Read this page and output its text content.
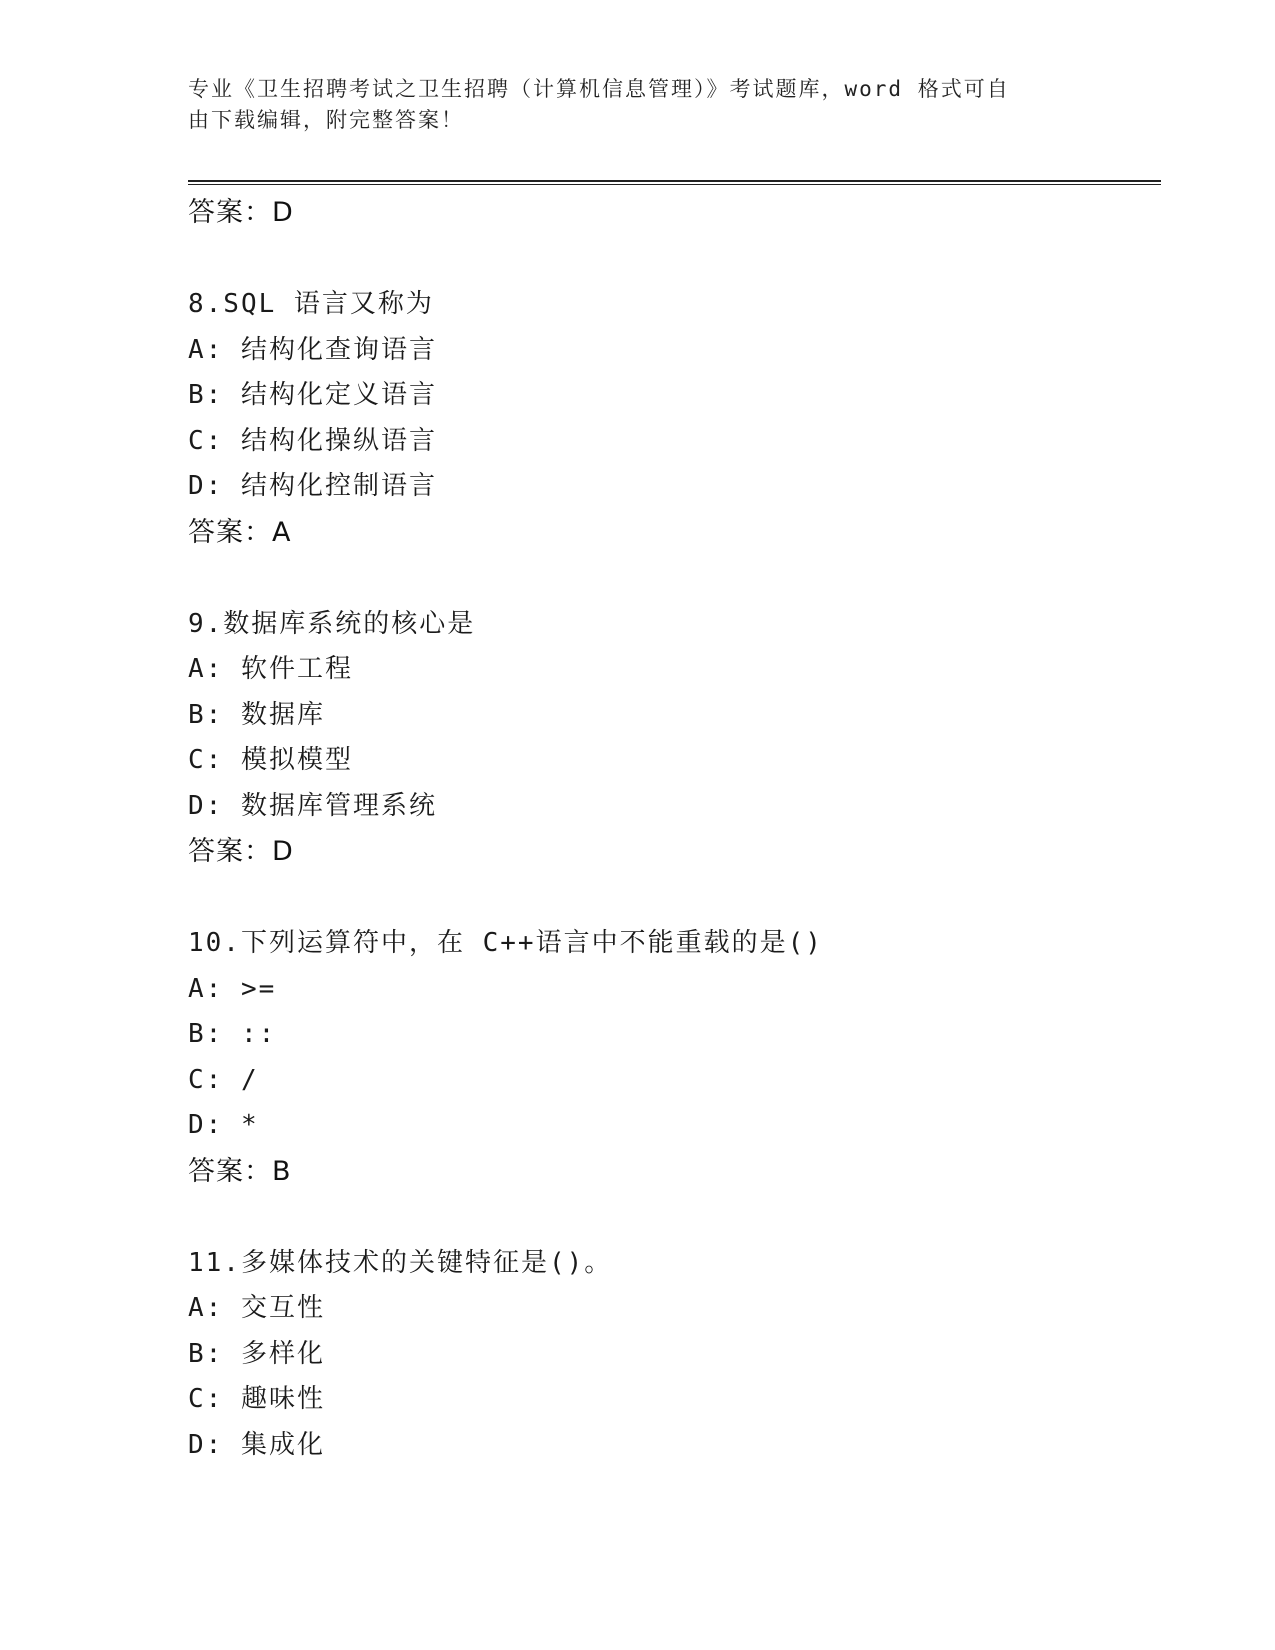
专业《卫生招聘考试之卫生招聘（计算机信息管理）》考试题库，word 格式可自
由下载编辑，附完整答案！
答案：D
8.SQL 语言又称为
A: 结构化查询语言
B: 结构化定义语言
C: 结构化操纵语言
D: 结构化控制语言
答案：A
9.数据库系统的核心是
A: 软件工程
B: 数据库
C: 模拟模型
D: 数据库管理系统
答案：D
10.下列运算符中，在 C++语言中不能重载的是()
A: >=
B: ::
C: /
D: *
答案：B
11.多媒体技术的关键特征是()。
A: 交互性
B: 多样化
C: 趣味性
D: 集成化
